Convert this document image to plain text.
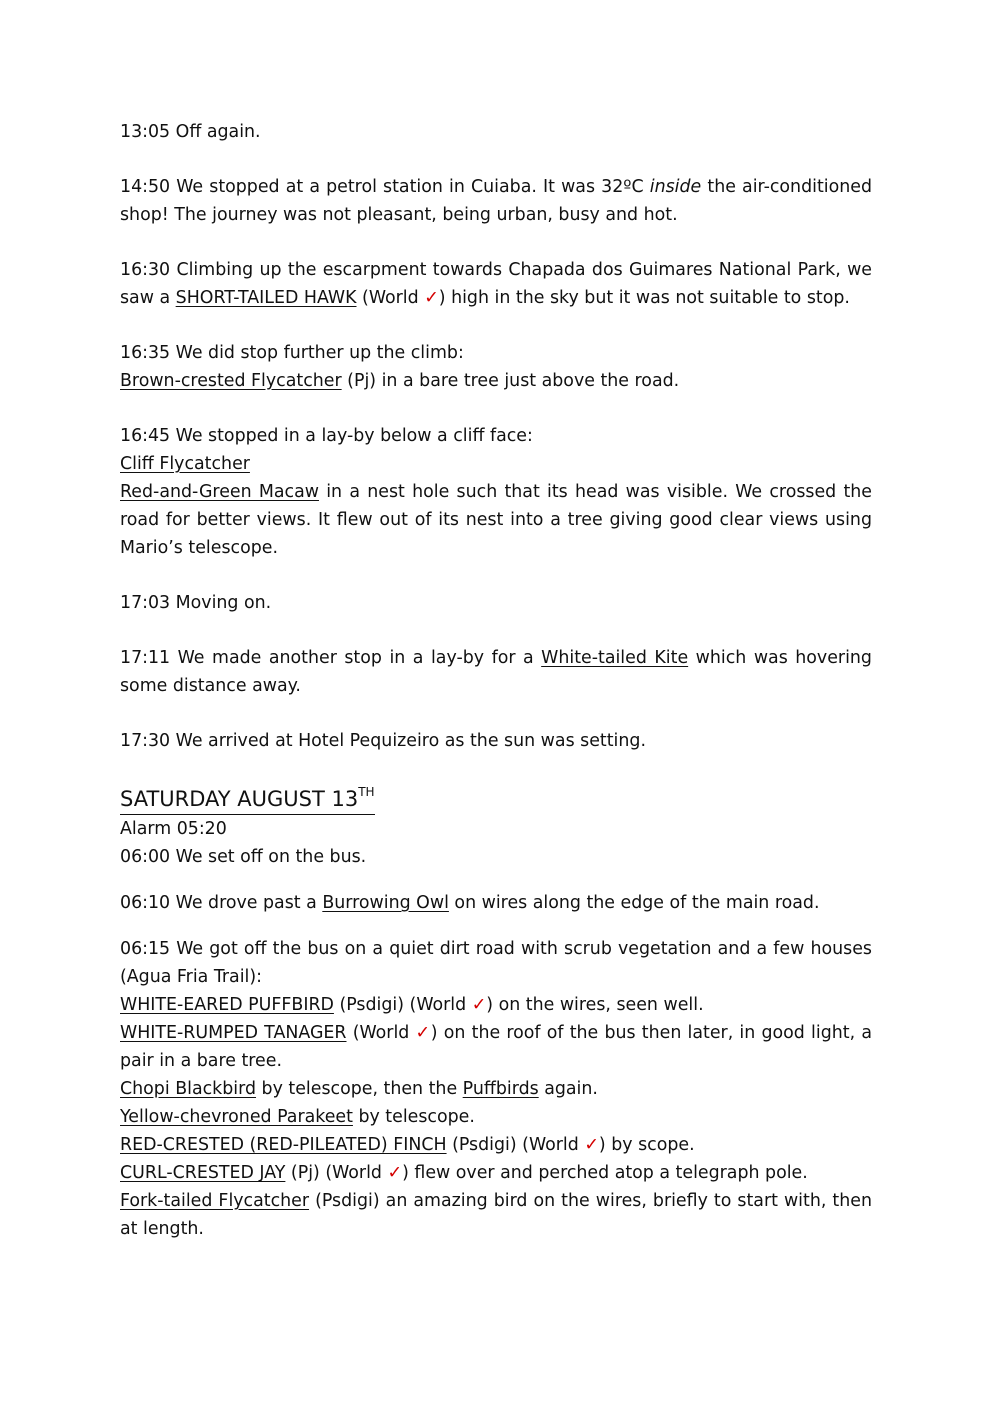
13:05 Off again.

14:50 We stopped at a petrol station in Cuiaba. It was 32ºC inside the air-conditioned shop! The journey was not pleasant, being urban, busy and hot.

16:30 Climbing up the escarpment towards Chapada dos Guimares National Park, we saw a SHORT-TAILED HAWK (World ✓) high in the sky but it was not suitable to stop.

16:35 We did stop further up the climb:
Brown-crested Flycatcher (Pj) in a bare tree just above the road.

16:45 We stopped in a lay-by below a cliff face:
Cliff Flycatcher
Red-and-Green Macaw in a nest hole such that its head was visible. We crossed the road for better views. It flew out of its nest into a tree giving good clear views using Mario’s telescope.

17:03 Moving on.

17:11 We made another stop in a lay-by for a White-tailed Kite which was hovering some distance away.

17:30 We arrived at Hotel Pequizeiro as the sun was setting.

SATURDAY AUGUST 13TH

Alarm 05:20
06:00 We set off on the bus.

06:10 We drove past a Burrowing Owl on wires along the edge of the main road.

06:15 We got off the bus on a quiet dirt road with scrub vegetation and a few houses (Agua Fria Trail):
WHITE-EARED PUFFBIRD (Psdigi) (World ✓) on the wires, seen well.
WHITE-RUMPED TANAGER (World ✓) on the roof of the bus then later, in good light, a pair in a bare tree.
Chopi Blackbird by telescope, then the Puffbirds again.
Yellow-chevroned Parakeet by telescope.
RED-CRESTED (RED-PILEATED) FINCH (Psdigi) (World ✓) by scope.
CURL-CRESTED JAY (Pj) (World ✓) flew over and perched atop a telegraph pole.
Fork-tailed Flycatcher (Psdigi) an amazing bird on the wires, briefly to start with, then at length.
